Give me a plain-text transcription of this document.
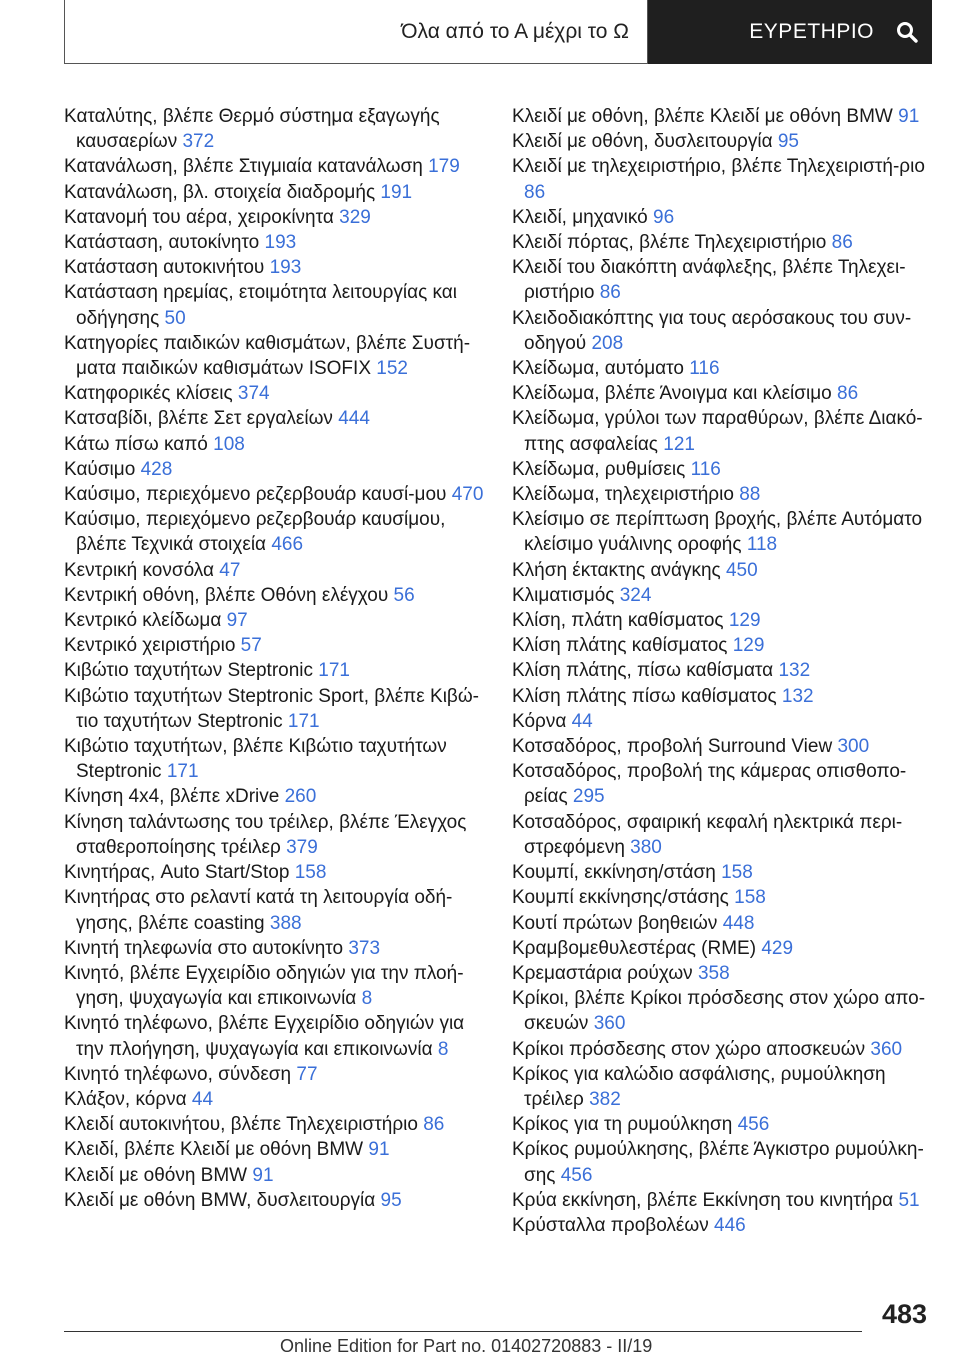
Όλα από το Α μέχρι το Ω	ΕΥΡΕΤΗΡΙΟ
Καταλύτης, βλέπε Θερμό σύστημα εξαγωγής καυσαερίων 372
Κατανάλωση, βλέπε Στιγμιαία κατανάλωση 179
Κατανάλωση, βλ. στοιχεία διαδρομής 191
Κατανομή του αέρα, χειροκίνητα 329
Κατάσταση, αυτοκίνητο 193
Κατάσταση αυτοκινήτου 193
Κατάσταση ηρεμίας, ετοιμότητα λειτουργίας και οδήγησης 50
Κατηγορίες παιδικών καθισμάτων, βλέπε Συστή-ματα παιδικών καθισμάτων ISOFIX 152
Κατηφορικές κλίσεις 374
Κατσαβίδι, βλέπε Σετ εργαλείων 444
Κάτω πίσω καπό 108
Καύσιμο 428
Καύσιμο, περιεχόμενο ρεζερβουάρ καυσί-μου 470
Καύσιμο, περιεχόμενο ρεζερβουάρ καυσίμου, βλέπε Τεχνικά στοιχεία 466
Κεντρική κονσόλα 47
Κεντρική οθόνη, βλέπε Οθόνη ελέγχου 56
Κεντρικό κλείδωμα 97
Κεντρικό χειριστήριο 57
Κιβώτιο ταχυτήτων Steptronic 171
Κιβώτιο ταχυτήτων Steptronic Sport, βλέπε Κιβώ-τιο ταχυτήτων Steptronic 171
Κιβώτιο ταχυτήτων, βλέπε Κιβώτιο ταχυτήτων Steptronic 171
Κίνηση 4x4, βλέπε xDrive 260
Κίνηση ταλάντωσης του τρέιλερ, βλέπε Έλεγχος σταθεροποίησης τρέιλερ 379
Κινητήρας, Auto Start/Stop 158
Κινητήρας στο ρελαντί κατά τη λειτουργία οδή-γησης, βλέπε coasting 388
Κινητή τηλεφωνία στο αυτοκίνητο 373
Κινητό, βλέπε Εγχειρίδιο οδηγιών για την πλοή-γηση, ψυχαγωγία και επικοινωνία 8
Κινητό τηλέφωνο, βλέπε Εγχειρίδιο οδηγιών για την πλοήγηση, ψυχαγωγία και επικοινωνία 8
Κινητό τηλέφωνο, σύνδεση 77
Κλάξον, κόρνα 44
Κλειδί αυτοκινήτου, βλέπε Τηλεχειριστήριο 86
Κλειδί, βλέπε Κλειδί με οθόνη BMW 91
Κλειδί με οθόνη BMW 91
Κλειδί με οθόνη BMW, δυσλειτουργία 95
Κλειδί με οθόνη, βλέπε Κλειδί με οθόνη BMW 91
Κλειδί με οθόνη, δυσλειτουργία 95
Κλειδί με τηλεχειριστήριο, βλέπε Τηλεχειριστή-ριο 86
Κλειδί, μηχανικό 96
Κλειδί πόρτας, βλέπε Τηλεχειριστήριο 86
Κλειδί του διακόπτη ανάφλεξης, βλέπε Τηλεχει-ριστήριο 86
Κλειδοδιακόπτης για τους αερόσακους του συν-οδηγού 208
Κλείδωμα, αυτόματο 116
Κλείδωμα, βλέπε Άνοιγμα και κλείσιμο 86
Κλείδωμα, γρύλοι των παραθύρων, βλέπε Διακό-πτης ασφαλείας 121
Κλείδωμα, ρυθμίσεις 116
Κλείδωμα, τηλεχειριστήριο 88
Κλείσιμο σε περίπτωση βροχής, βλέπε Αυτόματο κλείσιμο γυάλινης οροφής 118
Κλήση έκτακτης ανάγκης 450
Κλιματισμός 324
Κλίση, πλάτη καθίσματος 129
Κλίση πλάτης καθίσματος 129
Κλίση πλάτης, πίσω καθίσματα 132
Κλίση πλάτης πίσω καθίσματος 132
Κόρνα 44
Κοτσαδόρος, προβολή Surround View 300
Κοτσαδόρος, προβολή της κάμερας οπισθοπο-ρείας 295
Κοτσαδόρος, σφαιρική κεφαλή ηλεκτρικά περι-στρεφόμενη 380
Κουμπί, εκκίνηση/στάση 158
Κουμπί εκκίνησης/στάσης 158
Κουτί πρώτων βοηθειών 448
Κραμβομεθυλεστέρας (RME) 429
Κρεμαστάρια ρούχων 358
Κρίκοι, βλέπε Κρίκοι πρόσδεσης στον χώρο απο-σκευών 360
Κρίκοι πρόσδεσης στον χώρο αποσκευών 360
Κρίκος για καλώδιο ασφάλισης, ρυμούλκηση τρέιλερ 382
Κρίκος για τη ρυμούλκηση 456
Κρίκος ρυμούλκησης, βλέπε Άγκιστρο ρυμούλκη-σης 456
Κρύα εκκίνηση, βλέπε Εκκίνηση του κινητήρα 51
Κρύσταλλα προβολέων 446
483
Online Edition for Part no. 01402720883 - II/19
